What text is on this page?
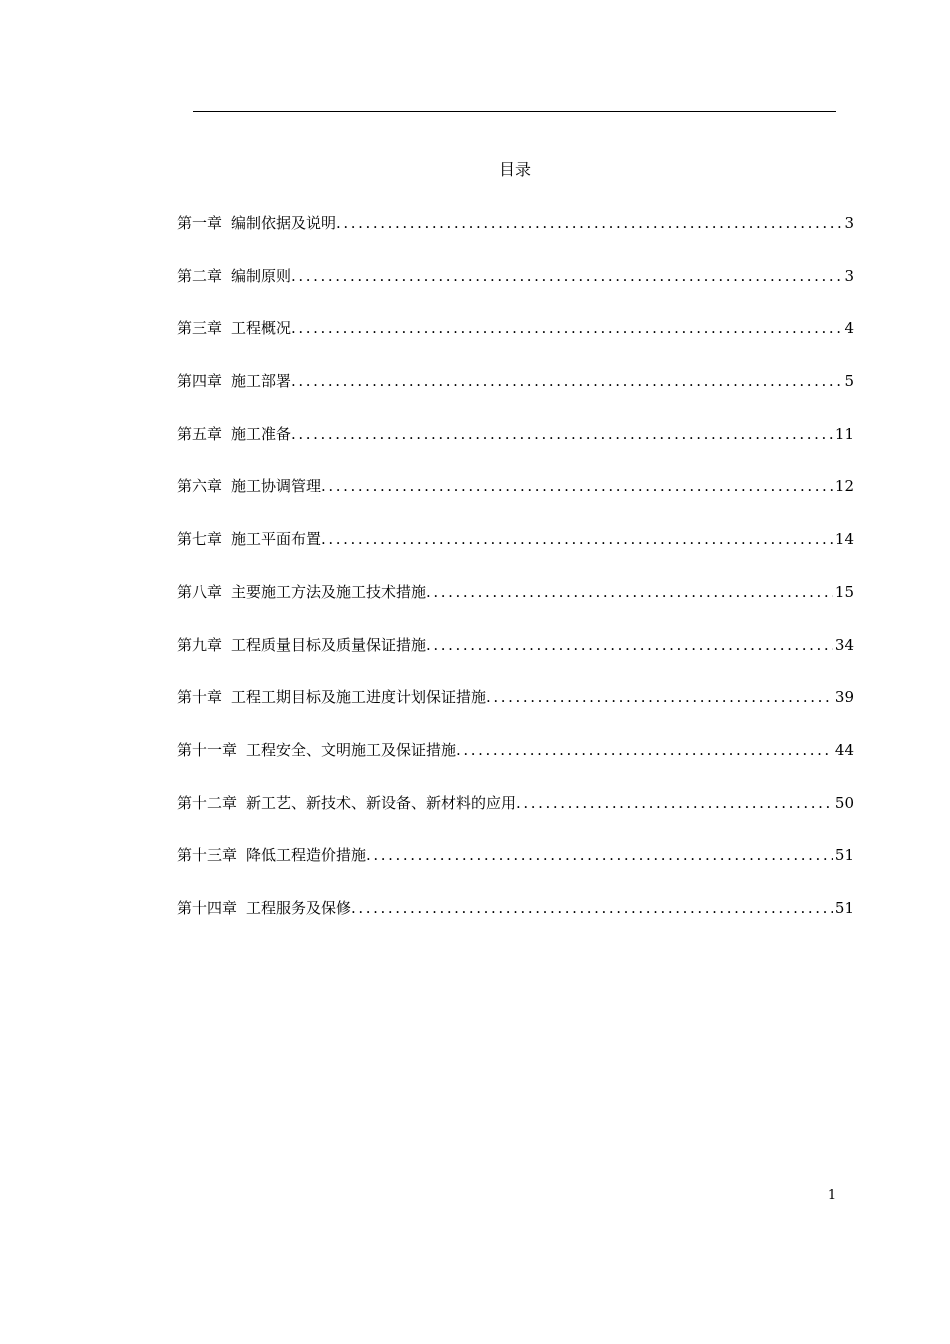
目录
第一章 编制依据及说明 .....	3
第二章 编制原则 .....	3
第三章 工程概况 .....	4
第四章 施工部署 .....	5
第五章 施工准备 .....	11
第六章 施工协调管理 .....	12
第七章 施工平面布置 .....	14
第八章 主要施工方法及施工技术措施 .....	15
第九章 工程质量目标及质量保证措施 .....	34
第十章 工程工期目标及施工进度计划保证措施 .....	39
第十一章 工程安全、文明施工及保证措施 .....	44
第十二章 新工艺、新技术、新设备、新材料的应用 .....	50
第十三章 降低工程造价措施 .....	51
第十四章 工程服务及保修 .....	51
1
